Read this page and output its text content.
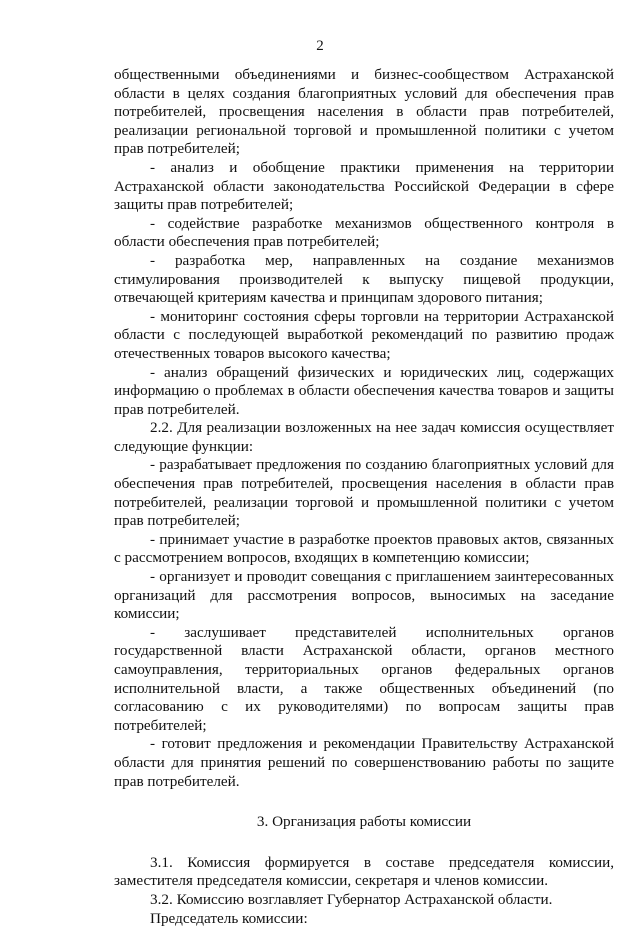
2

общественными объединениями и бизнес-сообществом Астраханской области в целях создания благоприятных условий для обеспечения прав потребителей, просвещения населения в области прав потребителей, реализации региональной торговой и промышленной политики с учетом прав потребителей;

- анализ и обобщение практики применения на территории Астраханской области законодательства Российской Федерации в сфере защиты прав потребителей;

- содействие разработке механизмов общественного контроля в области обеспечения прав потребителей;

- разработка мер, направленных на создание механизмов стимулирования производителей к выпуску пищевой продукции, отвечающей критериям качества и принципам здорового питания;

- мониторинг состояния сферы торговли на территории Астраханской области с последующей выработкой рекомендаций по развитию продаж отечественных товаров высокого качества;

- анализ обращений физических и юридических лиц, содержащих информацию о проблемах в области обеспечения качества товаров и защиты прав потребителей.

2.2. Для реализации возложенных на нее задач комиссия осуществляет следующие функции:

- разрабатывает предложения по созданию благоприятных условий для обеспечения прав потребителей, просвещения населения в области прав потребителей, реализации торговой и промышленной политики с учетом прав потребителей;

- принимает участие в разработке проектов правовых актов, связанных с рассмотрением вопросов, входящих в компетенцию комиссии;

- организует и проводит совещания с приглашением заинтересованных организаций для рассмотрения вопросов, выносимых на заседание комиссии;

- заслушивает представителей исполнительных органов государственной власти Астраханской области, органов местного самоуправления, территориальных органов федеральных органов исполнительной власти, а также общественных объединений (по согласованию с их руководителями) по вопросам защиты прав потребителей;

- готовит предложения и рекомендации Правительству Астраханской области для принятия решений по совершенствованию работы по защите прав потребителей.

3. Организация работы комиссии

3.1. Комиссия формируется в составе председателя комиссии, заместителя председателя комиссии, секретаря и членов комиссии.

3.2. Комиссию возглавляет Губернатор Астраханской области.

Председатель комиссии:
